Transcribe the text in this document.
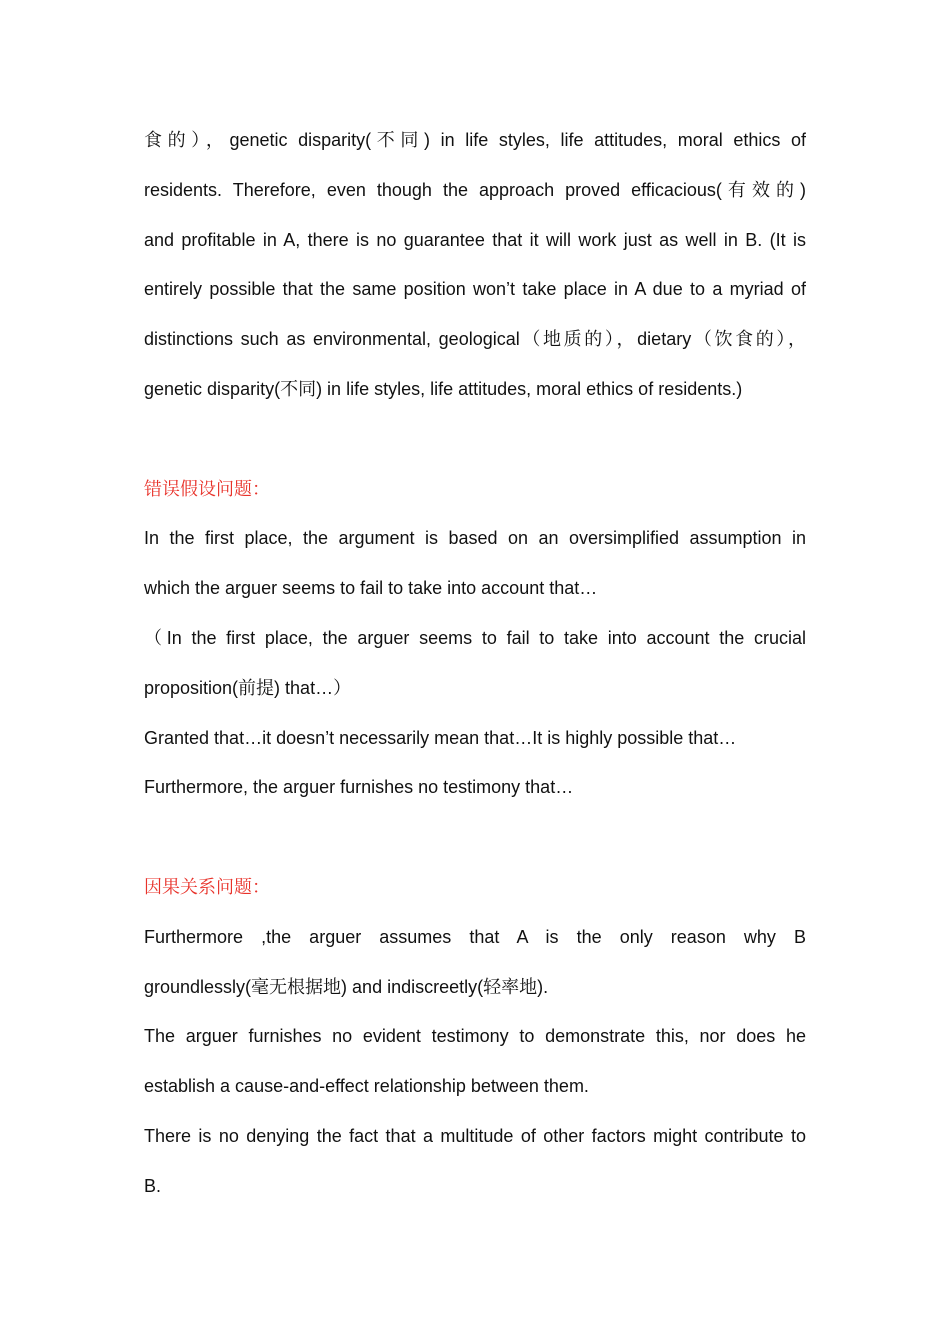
食的），genetic disparity(不同) in life styles, life attitudes, moral ethics of
residents. Therefore, even though the approach proved efficacious(有效的)
and profitable in A, there is no guarantee that it will work just as well in B. (It is
entirely possible that the same position won’t take place in A due to a myriad of
distinctions such as environmental, geological（地质的），dietary（饮食的），
genetic disparity(不同) in life styles, life attitudes, moral ethics of residents.)
错误假设问题：
In the first place, the argument is based on an oversimplified assumption in
which the arguer seems to fail to take into account that…
（In the first place, the arguer seems to fail to take into account the crucial
proposition(前提) that…）
Granted that…it doesn’t necessarily mean that…It is highly possible that…
Furthermore, the arguer furnishes no testimony that…
因果关系问题：
Furthermore ,the arguer assumes that A is the only reason why B
groundlessly(毫无根据地) and indiscreetly(轻率地).
The arguer furnishes no evident testimony to demonstrate this, nor does he
establish a cause-and-effect relationship between them.
There is no denying the fact that a multitude of other factors might contribute to
B.
